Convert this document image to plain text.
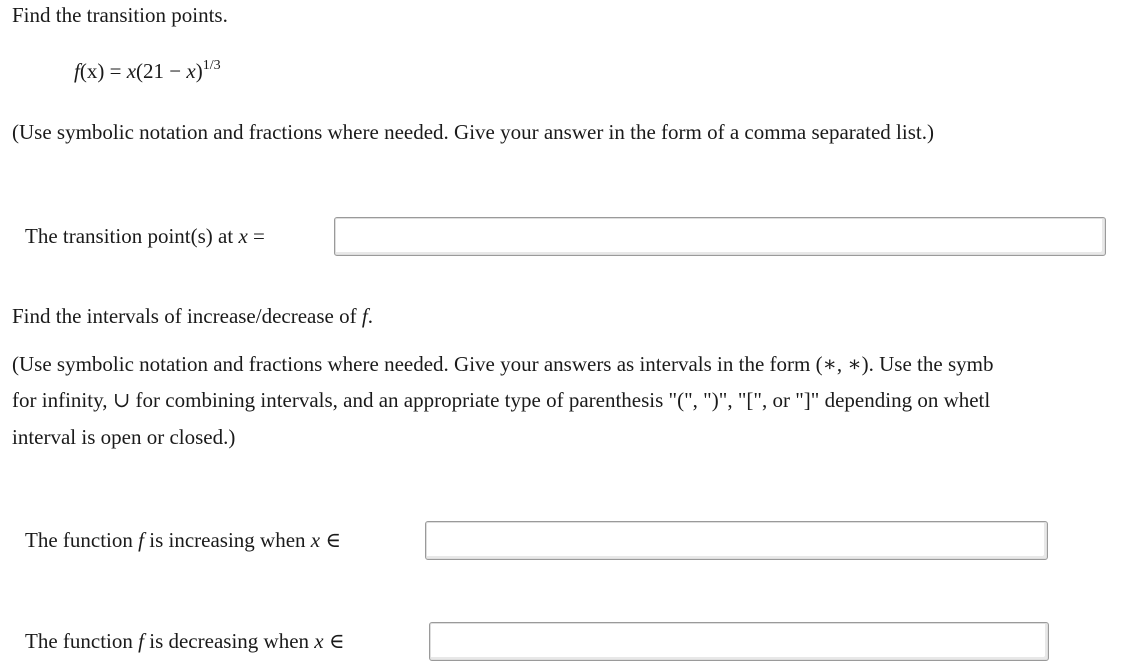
Find the transition points.
$f(x) = x(21 - x)^{1/3}$
(Use symbolic notation and fractions where needed. Give your answer in the form of a comma separated list.)
The transition point(s) at x =
Find the intervals of increase/decrease of f.
(Use symbolic notation and fractions where needed. Give your answers as intervals in the form (∗, ∗). Use the symb
for infinity, ∪ for combining intervals, and an appropriate type of parenthesis "(", ")", "[", or "]" depending on whetl
interval is open or closed.)
The function f is increasing when x ∈
The function f is decreasing when x ∈
